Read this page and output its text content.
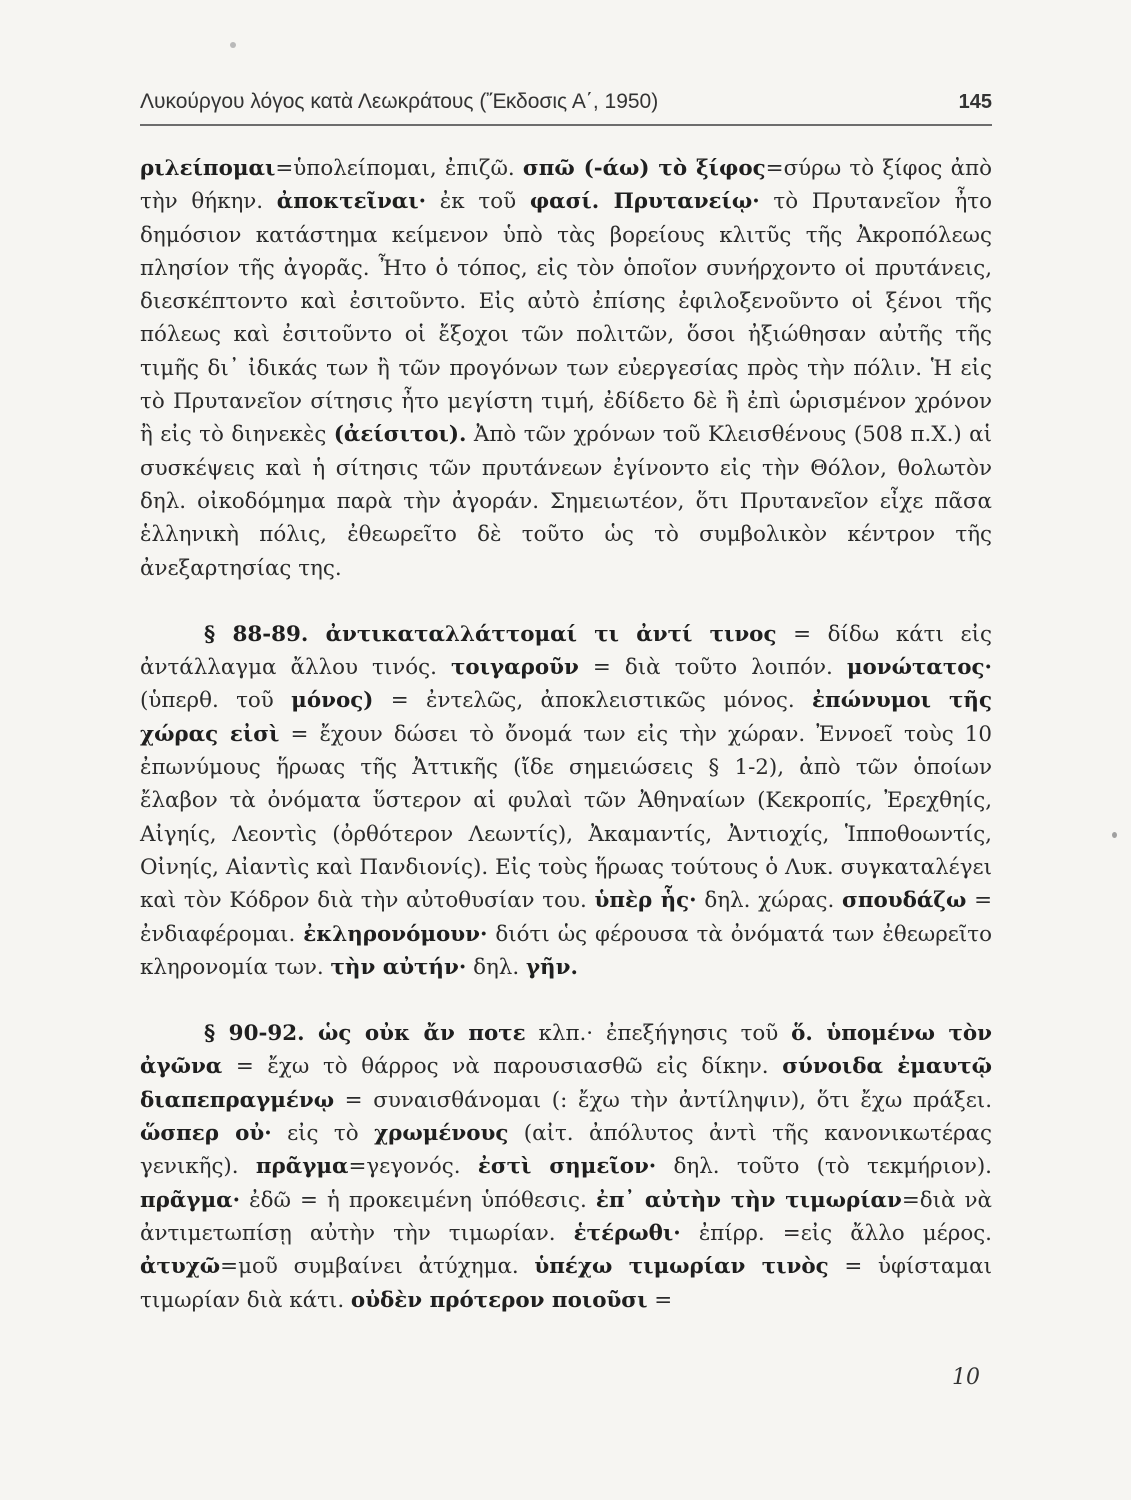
Λυκούργου λόγος κατὰ Λεωκράτους (Ἔκδοσις Α΄, 1950)	145

ριλείπομαι=ὑπολείπομαι, ἐπιζῶ. σπῶ (-άω) τὸ ξίφος=σύρω τὸ ξίφος ἀπὸ τὴν θήκην. ἀποκτεῖναι· ἐκ τοῦ φασί. Πρυτανείῳ· τὸ Πρυτανεῖον ἦτο δημόσιον κατάστημα κείμενον ὑπὸ τὰς βορείους κλιτῦς τῆς Ἀκροπόλεως πλησίον τῆς ἀγορᾶς. Ἦτο ὁ τόπος, εἰς τὸν ὁποῖον συνήρχοντο οἱ πρυτάνεις, διεσκέπτοντο καὶ ἐσιτοῦντο. Εἰς αὐτὸ ἐπίσης ἐφιλοξενοῦντο οἱ ξένοι τῆς πόλεως καὶ ἐσιτοῦντο οἱ ἔξοχοι τῶν πολιτῶν, ὅσοι ἠξιώθησαν αὐτῆς τῆς τιμῆς δι᾽ ἰδικάς των ἢ τῶν προγόνων των εὐεργεσίας πρὸς τὴν πόλιν. Ἡ εἰς τὸ Πρυτανεῖον σίτησις ἦτο μεγίστη τιμή, ἐδίδετο δὲ ἢ ἐπὶ ὡρισμένον χρόνον ἢ εἰς τὸ διηνεκὲς (ἀείσιτοι). Ἀπὸ τῶν χρόνων τοῦ Κλεισθένους (508 π.Χ.) αἱ συσκέψεις καὶ ἡ σίτησις τῶν πρυτάνεων ἐγίνοντο εἰς τὴν Θόλον, θολωτὸν δηλ. οἰκοδόμημα παρὰ τὴν ἀγοράν. Σημειωτέον, ὅτι Πρυτανεῖον εἶχε πᾶσα ἑλληνικὴ πόλις, ἐθεωρεῖτο δὲ τοῦτο ὡς τὸ συμβολικὸν κέντρον τῆς ἀνεξαρτησίας της.

§ 88-89. ἀντικαταλλάττομαί τι ἀντί τινος = δίδω κάτι εἰς ἀντάλλαγμα ἄλλου τινός. τοιγαροῦν = διὰ τοῦτο λοιπόν. μονώτατος· (ὑπερθ. τοῦ μόνος) = ἐντελῶς, ἀποκλειστικῶς μόνος. ἐπώνυμοι τῆς χώρας εἰσὶ = ἔχουν δώσει τὸ ὄνομά των εἰς τὴν χώραν. Ἐννοεῖ τοὺς 10 ἐπωνύμους ἥρωας τῆς Ἀττικῆς (ἴδε σημειώσεις § 1-2), ἀπὸ τῶν ὁποίων ἔλαβον τὰ ὀνόματα ὕστερον αἱ φυλαὶ τῶν Ἀθηναίων (Κεκροπίς, Ἐρεχθηίς, Αἰγηίς, Λεοντὶς (ὀρθότερον Λεωντίς), Ἀκαμαντίς, Ἀντιοχίς, Ἱπποθοωντίς, Οἰνηίς, Αἰαντὶς καὶ Πανδιονίς). Εἰς τοὺς ἥρωας τούτους ὁ Λυκ. συγκαταλέγει καὶ τὸν Κόδρον διὰ τὴν αὐτοθυσίαν του. ὑπὲρ ἧς· δηλ. χώρας. σπουδάζω = ἐνδιαφέρομαι. ἐκληρονόμουν· διότι ὡς φέρουσα τὰ ὀνόματά των ἐθεωρεῖτο κληρονομία των. τὴν αὐτήν· δηλ. γῆν.

§ 90-92. ὡς οὐκ ἄν ποτε κλπ.· ἐπεξήγησις τοῦ ὅ. ὑπομένω τὸν ἀγῶνα = ἔχω τὸ θάρρος νὰ παρουσιασθῶ εἰς δίκην. σύνοιδα ἐμαυτῷ διαπεπραγμένῳ = συναισθάνομαι (: ἔχω τὴν ἀντίληψιν), ὅτι ἔχω πράξει. ὥσπερ οὐ· εἰς τὸ χρωμένους (αἰτ. ἀπόλυτος ἀντὶ τῆς κανονικωτέρας γενικῆς). πρᾶγμα=γεγονός. ἐστὶ σημεῖον· δηλ. τοῦτο (τὸ τεκμήριον). πρᾶγμα· ἐδῶ = ἡ προκειμένη ὑπόθεσις. ἐπ᾽ αὐτὴν τὴν τιμωρίαν=διὰ νὰ ἀντιμετωπίσῃ αὐτὴν τὴν τιμωρίαν. ἑτέρωθι· ἐπίρρ. =εἰς ἄλλο μέρος. ἀτυχῶ=μοῦ συμβαίνει ἀτύχημα. ὑπέχω τιμωρίαν τινὸς = ὑφίσταμαι τιμωρίαν διὰ κάτι. οὐδὲν πρότερον ποιοῦσι =

10
